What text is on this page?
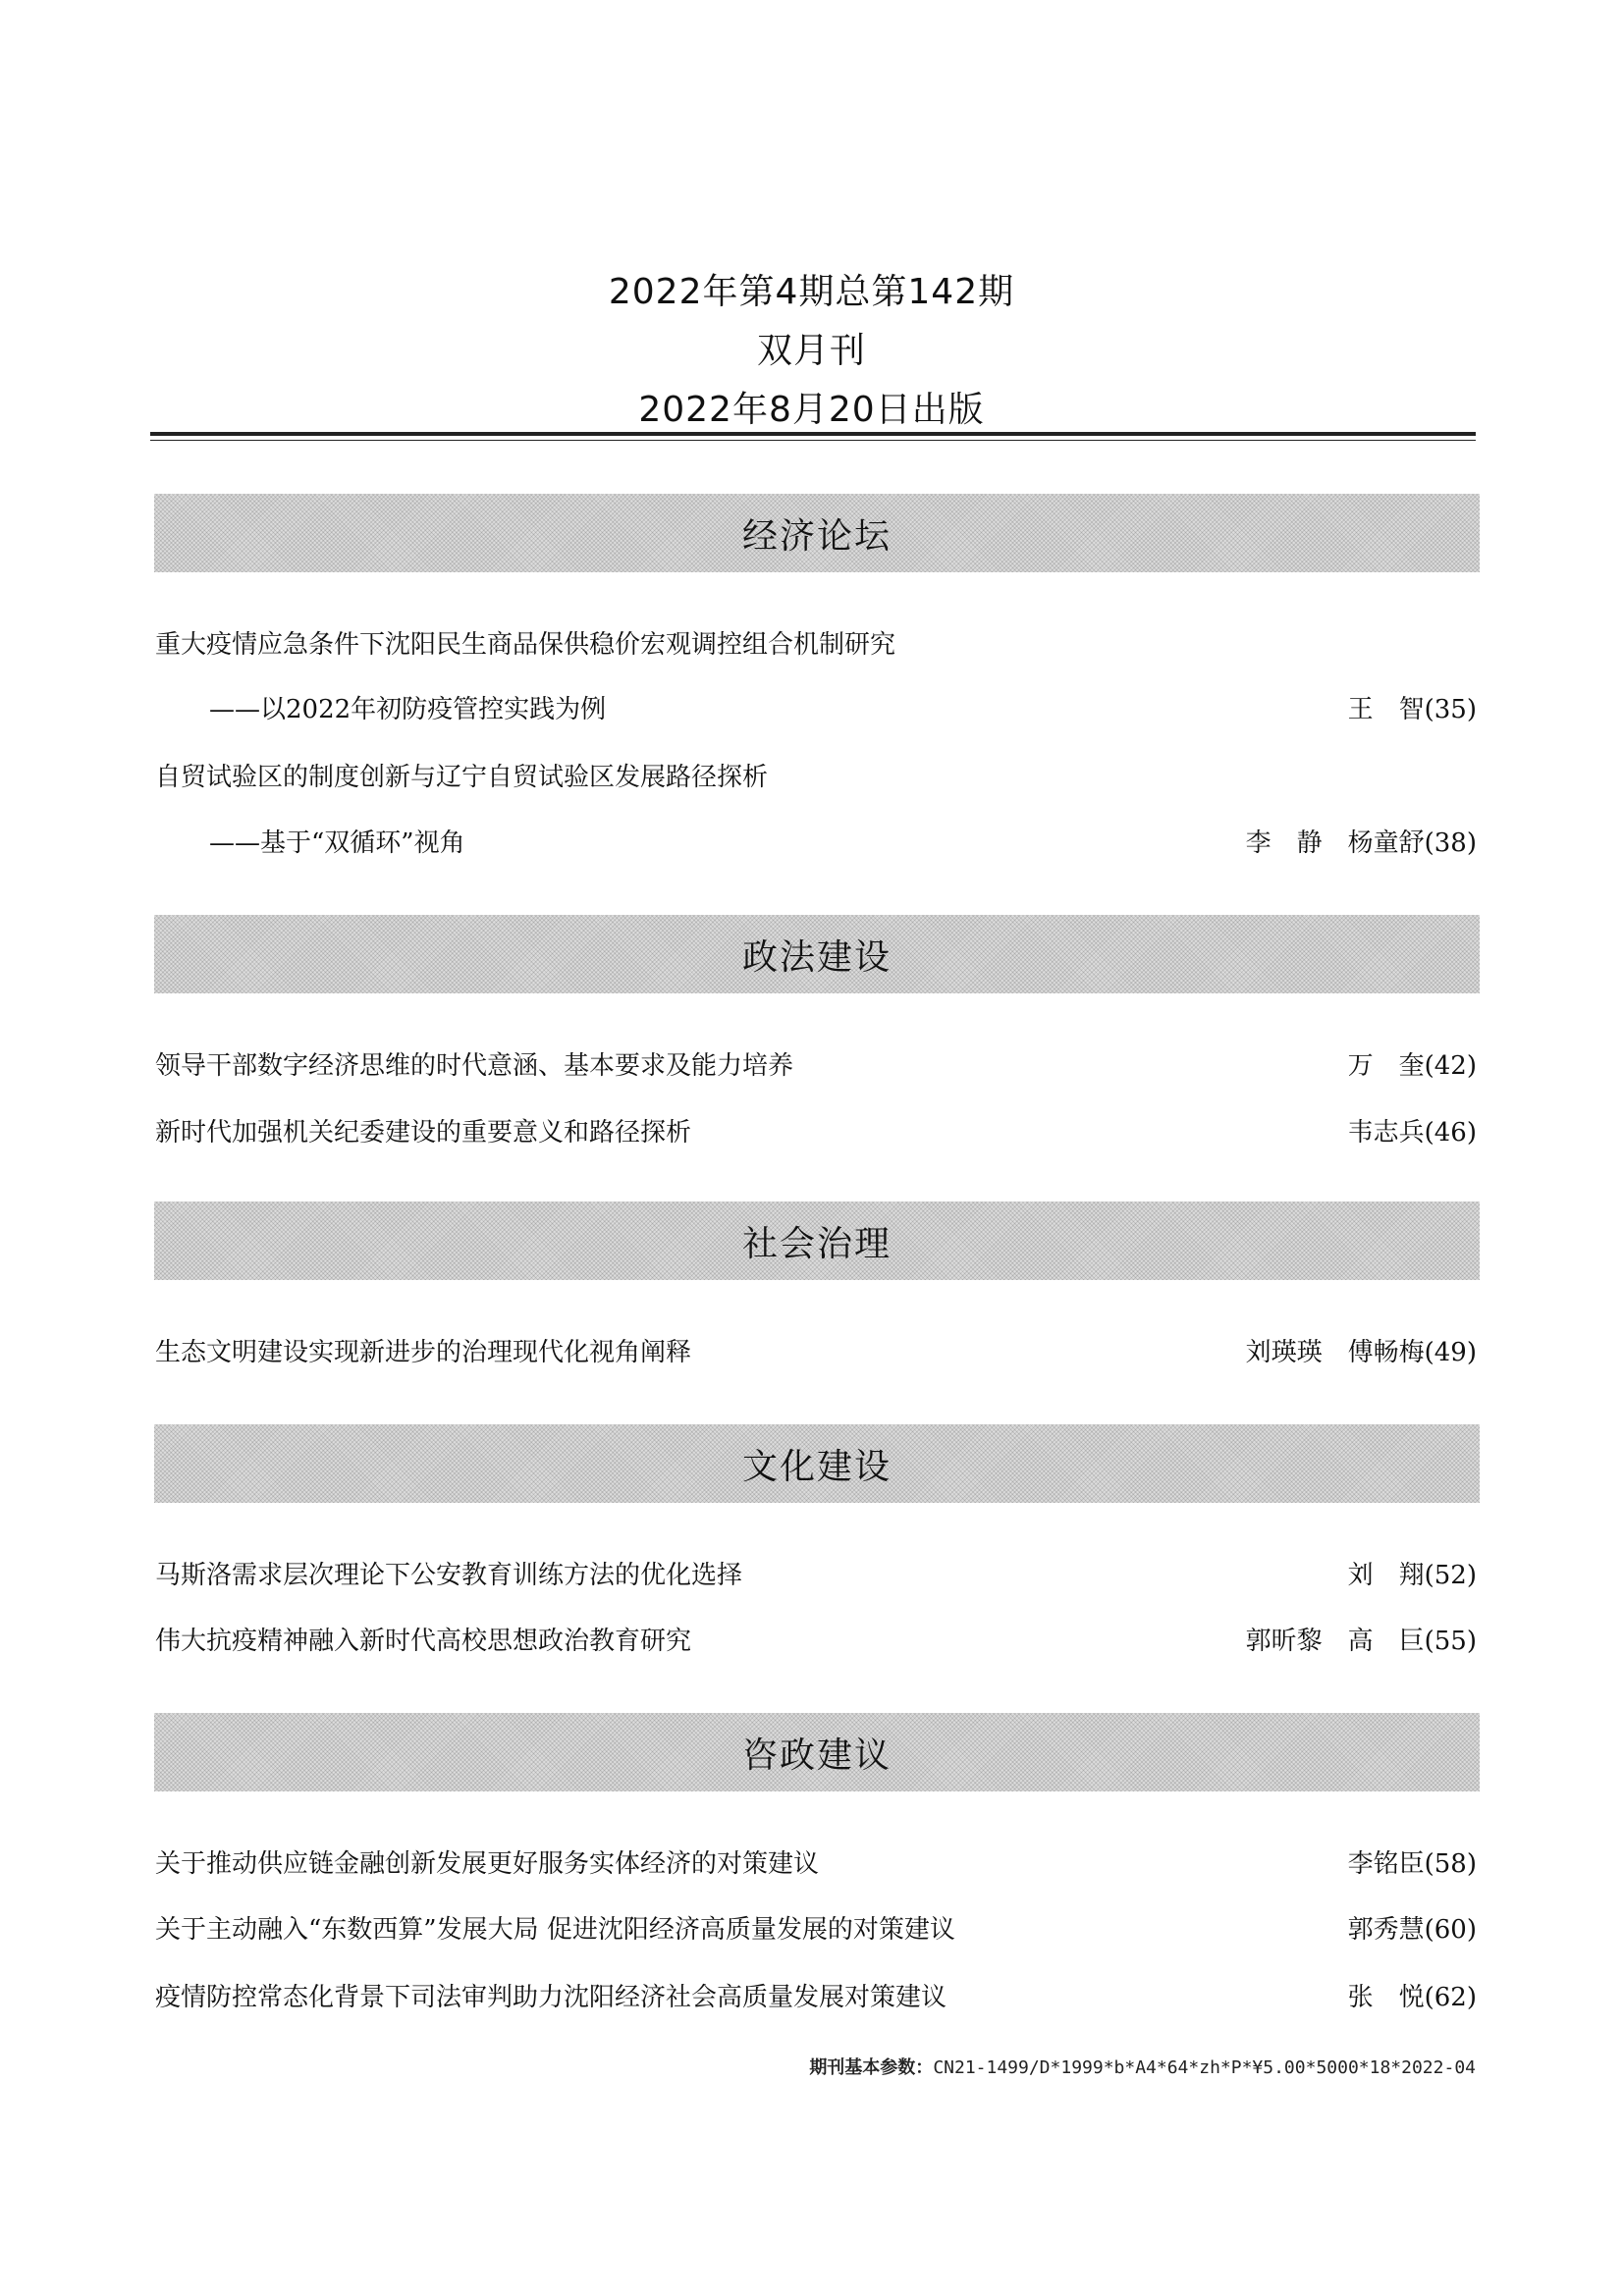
2022年第4期总第142期
双月刊
2022年8月20日出版
经济论坛
重大疫情应急条件下沈阳民生商品保供稳价宏观调控组合机制研究
——以2022年初防疫管控实践为例	王　智(35)
自贸试验区的制度创新与辽宁自贸试验区发展路径探析
——基于“双循环”视角	李　静　杨童舒(38)
政法建设
领导干部数字经济思维的时代意涵、基本要求及能力培养	万　奎(42)
新时代加强机关纪委建设的重要意义和路径探析	韦志兵(46)
社会治理
生态文明建设实现新进步的治理现代化视角阐释	刘瑛瑛　傅畅梅(49)
文化建设
马斯洛需求层次理论下公安教育训练方法的优化选择	刘　翔(52)
伟大抗疫精神融入新时代高校思想政治教育研究	郭昕黎　高　巨(55)
咨政建议
关于推动供应链金融创新发展更好服务实体经济的对策建议	李铭臣(58)
关于主动融入“东数西算”发展大局 促进沈阳经济高质量发展的对策建议	郭秀慧(60)
疫情防控常态化背景下司法审判助力沈阳经济社会高质量发展对策建议	张　悦(62)
期刊基本参数：CN21-1499/D*1999*b*A4*64*zh*P*¥5.00*5000*18*2022-04
